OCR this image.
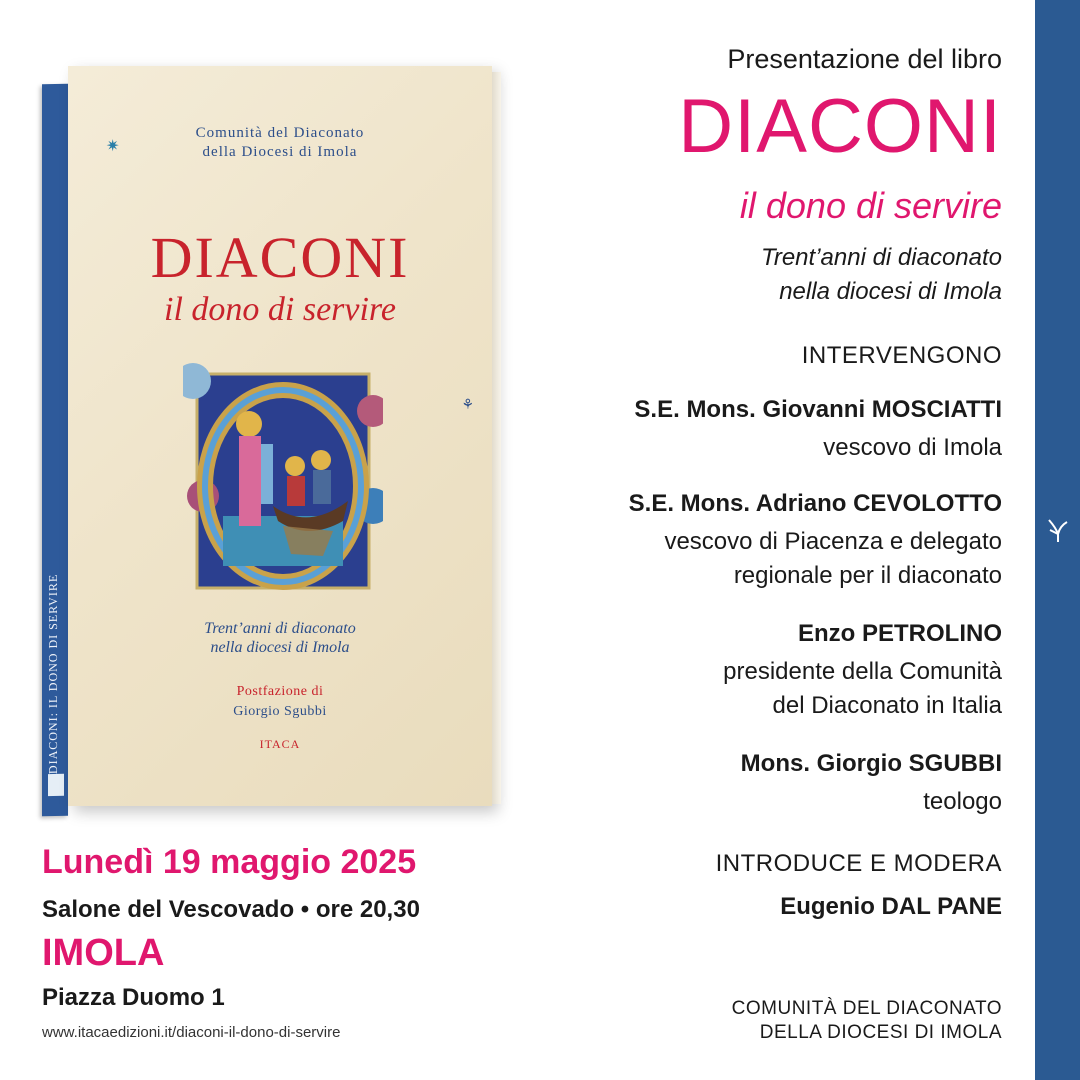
DIACONI: IL DONO DI SERVIRE
✷
Comunità del Diaconato
della Diocesi di Imola
DIACONI
il dono di servire
Trent’anni di diaconato
nella diocesi di Imola
Postfazione di
Giorgio Sgubbi
ITACA
⚘
Lunedì 19 maggio 2025
Salone del Vescovado • ore 20,30
IMOLA
Piazza Duomo 1
www.itacaedizioni.it/diaconi-il-dono-di-servire
Presentazione del libro
DIACONI
il dono di servire
Trent’anni di diaconato
nella diocesi di Imola
INTERVENGONO
S.E. Mons. Giovanni MOSCIATTI
vescovo di Imola
S.E. Mons. Adriano CEVOLOTTO
vescovo di Piacenza e delegato
regionale per il diaconato
Enzo PETROLINO
presidente della Comunità
del Diaconato in Italia
Mons. Giorgio SGUBBI
teologo
INTRODUCE E MODERA
Eugenio DAL PANE
COMUNITÀ DEL DIACONATO
DELLA DIOCESI DI IMOLA
